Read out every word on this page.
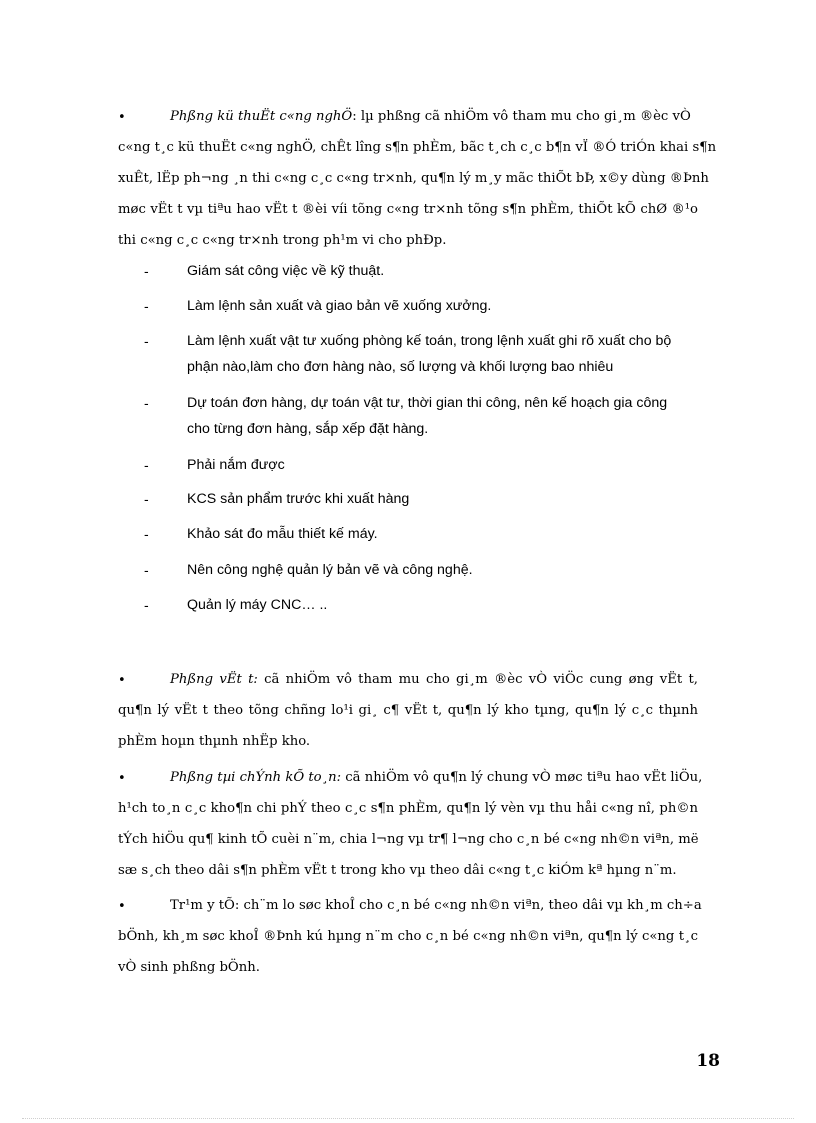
•	Phßng kü thuËt c«ng nghÖ: lµ phßng cã nhiÖm vô tham mu cho gi¸m ®èc vÒ
c«ng t¸c kü thuËt c«ng nghÖ, chÊt lîng s¶n phÈm, bãc t¸ch c¸c b¶n vÏ ®Ó triÓn khai s¶n
xuÊt, lËp ph¬ng ¸n thi c«ng c¸c c«ng tr×nh, qu¶n lý m¸y mãc thiÕt bÞ, x©y dùng ®Þnh
møc vËt t vµ tiªu hao vËt t ®èi víi tõng c«ng tr×nh tõng s¶n phÈm, thiÕt kÕ chØ ®¹o
thi c«ng c¸c c«ng tr×nh trong ph¹m vi cho phÐp.
-	Giám sát công việc về kỹ thuật.
-	Làm lệnh sản xuất và giao bản vẽ xuống xưởng.
-	Làm lệnh xuất vật tư xuống phòng kế toán, trong lệnh xuất ghi rõ xuất cho bộ
phận nào,làm cho đơn hàng nào, số lượng và khối lượng bao nhiêu
-	Dự toán đơn hàng, dự toán vật tư, thời gian thi công, nên kế hoạch gia công
cho từng đơn hàng, sắp xếp đặt hàng.
-	Phải nắm được
-	KCS sản phẩm trước khi xuất hàng
-	Khảo sát đo mẫu thiết kế máy.
-	Nên công nghệ quản lý bản vẽ và công nghệ.
-	Quản lý máy CNC… ..
•	Phßng vËt t: cã nhiÖm vô tham mu cho gi¸m ®èc vÒ viÖc cung øng vËt t,
qu¶n lý vËt t theo tõng chñng lo¹i gi¸ c¶ vËt t, qu¶n lý kho tµng, qu¶n lý c¸c thµnh
phÈm hoµn thµnh nhËp kho.
•	Phßng tµi chÝnh kÕ to¸n: cã nhiÖm vô qu¶n lý chung vÒ møc tiªu hao vËt liÖu,
h¹ch to¸n c¸c kho¶n chi phÝ theo c¸c s¶n phÈm, qu¶n lý vèn vµ thu håi c«ng nî, ph©n
tÝch hiÖu qu¶ kinh tÕ cuèi n¨m, chia l¬ng vµ tr¶ l¬ng cho c¸n bé c«ng nh©n viªn, më
sæ s¸ch theo dâi s¶n phÈm vËt t trong kho vµ theo dâi c«ng t¸c kiÓm kª hµng n¨m.
•	Tr¹m y tÕ: ch¨m lo søc khoÎ cho c¸n bé c«ng nh©n viªn, theo dâi vµ kh¸m ch÷a
bÖnh, kh¸m søc khoÎ ®Þnh kú hµng n¨m cho c¸n bé c«ng nh©n viªn, qu¶n lý c«ng t¸c
vÒ sinh phßng bÖnh.
18
